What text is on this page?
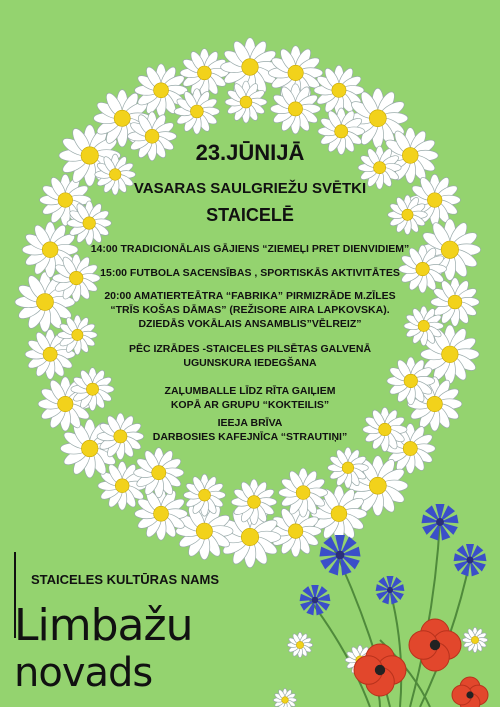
23.JŪNIJĀ
VASARAS SAULGRIEŽU SVĒTKI
STAICELĒ
14:00 TRADICIONĀLAIS GĀJIENS “ZIEMEĻI PRET DIENVIDIEM”
15:00 FUTBOLA SACENSĪBAS , SPORTISKĀS AKTIVITĀTES
20:00 AMATIERTEĀTRA “FABRIKA” PIRMIZRĀDE M.ZĪLES
“TRĪS KOŠAS DĀMAS” (REŽISORE AIRA LAPKOVSKA).
DZIEDĀS VOKĀLAIS ANSAMBLIS”VĒLREIZ”
PĒC IZRĀDES -STAICELES PILSĒTAS GALVENĀ
UGUNSKURA IEDEGŠANA
ZAĻUMBALLE LĪDZ RĪTA GAIĻIEM
KOPĀ AR GRUPU “KOKTEILIS”
IEEJA BRĪVA
DARBOSIES KAFEJNĪCA “STRAUTIŅI”
STAICELES KULTŪRAS NAMS
Limbažu
novads
